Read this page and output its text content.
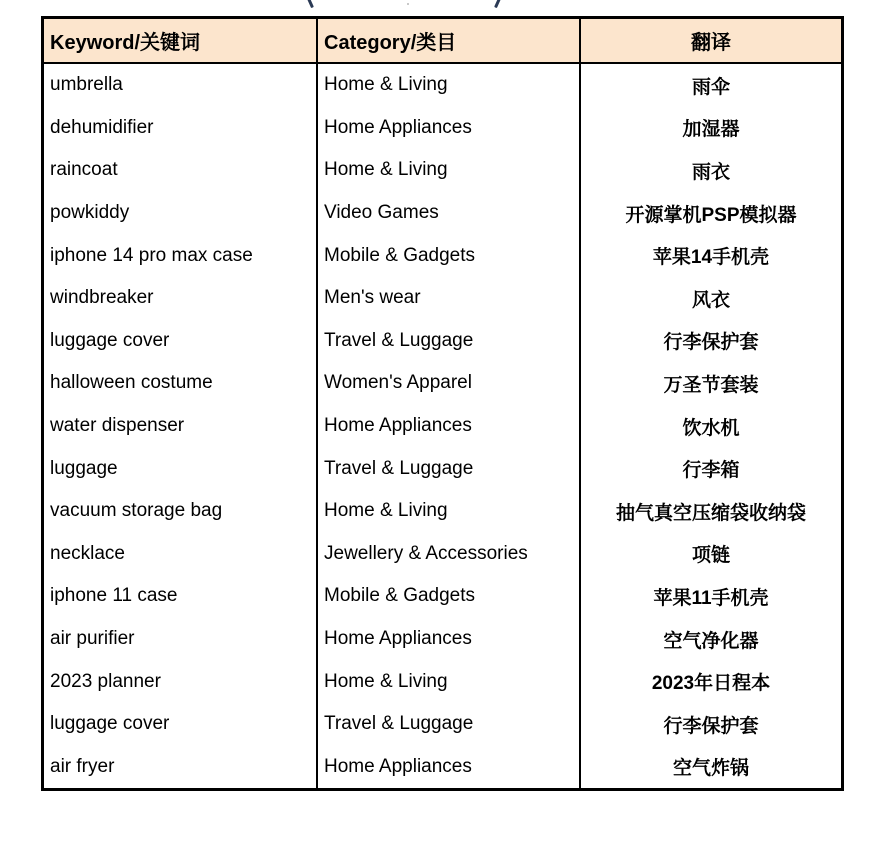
Keyword/关键词	Category/类目	翻译
umbrella	Home & Living	雨伞
dehumidifier	Home Appliances	加湿器
raincoat	Home & Living	雨衣
powkiddy	Video Games	开源掌机PSP模拟器
iphone 14 pro max case	Mobile & Gadgets	苹果14手机壳
windbreaker	Men's wear	风衣
luggage cover	Travel & Luggage	行李保护套
halloween costume	Women's Apparel	万圣节套装
water dispenser	Home Appliances	饮水机
luggage	Travel & Luggage	行李箱
vacuum storage bag	Home & Living	抽气真空压缩袋收纳袋
necklace	Jewellery & Accessories	项链
iphone 11 case	Mobile & Gadgets	苹果11手机壳
air purifier	Home Appliances	空气净化器
2023 planner	Home & Living	2023年日程本
luggage cover	Travel & Luggage	行李保护套
air fryer	Home Appliances	空气炸锅
